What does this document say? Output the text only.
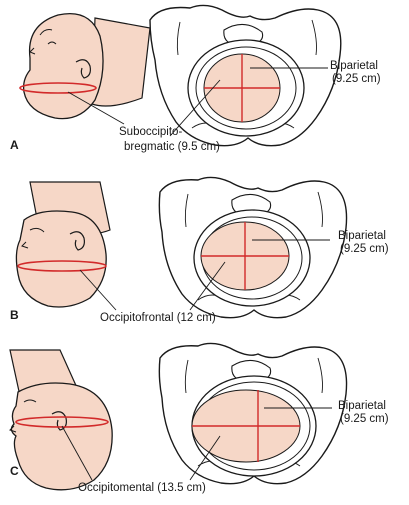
A
Suboccipito-
bregmatic (9.5 cm)
Biparietal
(9.25 cm)
B	Occipitofrontal (12 cm)
Biparietal
(9.25 cm)
C
Occipitomental (13.5 cm)
Biparietal
(9.25 cm)
